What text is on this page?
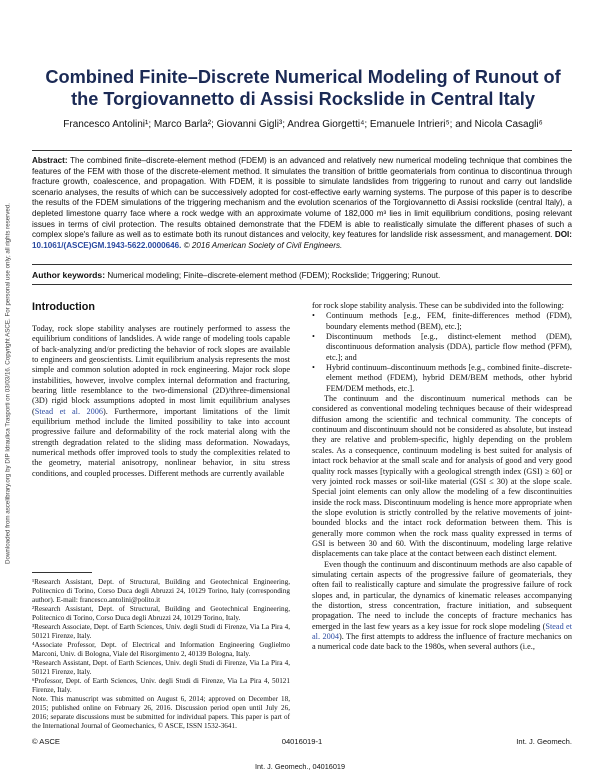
Downloaded from ascelibrary.org by DIP Idraulica Trasporti on 03/03/16. Copyright ASCE. For personal use only; all rights reserved.
Combined Finite–Discrete Numerical Modeling of Runout of the Torgiovannetto di Assisi Rockslide in Central Italy
Francesco Antolini¹; Marco Barla²; Giovanni Gigli³; Andrea Giorgetti⁴; Emanuele Intrieri⁵; and Nicola Casagli⁶
Abstract: The combined finite–discrete-element method (FDEM) is an advanced and relatively new numerical modeling technique that combines the features of the FEM with those of the discrete-element method. It simulates the transition of brittle geomaterials from continua to discontinua through fracture growth, coalescence, and propagation. With FDEM, it is possible to simulate landslides from triggering to runout and carry out landslide scenario analyses, the results of which can be successively adopted for cost-effective early warning systems. The purpose of this paper is to describe the results of the FDEM simulations of the triggering mechanism and the evolution scenarios of the Torgiovannetto di Assisi rockslide (central Italy), a depleted limestone quarry face where a rock wedge with an approximate volume of 182,000 m³ lies in limit equilibrium conditions, posing relevant issues in terms of civil protection. The results obtained demonstrate that the FDEM is able to realistically simulate the different phases of such a complex slope's failure as well as to estimate both its runout distances and velocity, key features for landslide risk assessment, and management. DOI: 10.1061/(ASCE)GM.1943-5622.0000646. © 2016 American Society of Civil Engineers.
Author keywords: Numerical modeling; Finite–discrete-element method (FDEM); Rockslide; Triggering; Runout.
Introduction

Today, rock slope stability analyses are routinely performed to assess the equilibrium conditions of landslides. A wide range of modeling tools capable of back-analyzing and/or predicting the behavior of rock slopes are available to engineers and geoscientists. Limit equilibrium analysis represents the most simple and common solution adopted in rock engineering. Major rock slope instabilities, however, involve complex internal deformation and fracturing, bearing little resemblance to the two-dimensional (2D)/three-dimensional (3D) rigid block assumptions adopted in most limit equilibrium analyses (Stead et al. 2006). Furthermore, important limitations of the limit equilibrium method include the limited possibility to take into account progressive failure and deformability of the rock material along with the strength degradation related to the sliding mass deformation. Nowadays, numerical methods offer improved tools to study the complexities related to the geometry, material anisotropy, nonlinear behavior, in situ stress conditions, and coupled processes. Different methods are currently available

¹Research Assistant, Dept. of Structural, Building and Geotechnical Engineering, Politecnico di Torino, Corso Duca degli Abruzzi 24, 10129 Torino, Italy (corresponding author). E-mail: francesco.antolini@polito.it

²Research Assistant, Dept. of Structural, Building and Geotechnical Engineering, Politecnico di Torino, Corso Duca degli Abruzzi 24, 10129 Torino, Italy.

³Research Associate, Dept. of Earth Sciences, Univ. degli Studi di Firenze, Via La Pira 4, 50121 Firenze, Italy.

⁴Associate Professor, Dept. of Electrical and Information Engineering Guglielmo Marconi, Univ. di Bologna, Viale del Risorgimento 2, 40139 Bologna, Italy.

⁵Research Assistant, Dept. of Earth Sciences, Univ. degli Studi di Firenze, Via La Pira 4, 50121 Firenze, Italy.

⁶Professor, Dept. of Earth Sciences, Univ. degli Studi di Firenze, Via La Pira 4, 50121 Firenze, Italy.

Note. This manuscript was submitted on August 6, 2014; approved on December 18, 2015; published online on February 26, 2016. Discussion period open until July 26, 2016; separate discussions must be submitted for individual papers. This paper is part of the International Journal of Geomechanics, © ASCE, ISSN 1532-3641.

for rock slope stability analysis. These can be subdivided into the following:

•	Continuum methods [e.g., FEM, finite-differences method (FDM), boundary elements method (BEM), etc.];
•	Discontinuum methods [e.g., distinct-element method (DEM), discontinuous deformation analysis (DDA), particle flow method (PFM), etc.]; and
•	Hybrid continuum–discontinuum methods [e.g., combined finite–discrete-element method (FDEM), hybrid DEM/BEM methods, other hybrid FEM/DEM methods, etc.].

The continuum and the discontinuum numerical methods can be considered as conventional modeling techniques because of their widespread diffusion among the scientific and technical community. The concepts of continuum and discontinuum should not be considered as absolute, but instead they are relative and problem-specific, highly depending on the problem scales. As a consequence, continuum modeling is best suited for analysis of intact rock behavior at the small scale and for analysis of good and very good quality rock masses [typically with a geological strength index (GSI) ≥ 60] or very jointed rock masses or soil-like material (GSI ≤ 30) at the slope scale. Special joint elements can only allow the modeling of a few discontinuities inside the rock mass. Discontinuum modeling is hence more appropriate when the slope evolution is strictly controlled by the relative movements of joint-bounded blocks and the intact rock deformation between them. This is generally more common when the rock mass quality expressed in terms of GSI is between 30 and 60. With the discontinuum, modeling large relative displacements can take place at the contact between each distinct element.

Even though the continuum and discontinuum methods are also capable of simulating certain aspects of the progressive failure of geomaterials, they often fail to realistically capture and simulate the progressive failure of rock slopes and, in particular, the dynamics of kinematic releases accompanying the distortion, stress concentration, fracture initiation, and subsequent propagation. The need to include the concepts of fracture mechanics has emerged in the last few years as a key issue for rock slope modeling (Stead et al. 2004). The first attempts to address the influence of fracture mechanics on a numerical code date back to the 1980s, when several authors (i.e.,

© ASCE	04016019-1	Int. J. Geomech.
Int. J. Geomech., 04016019
